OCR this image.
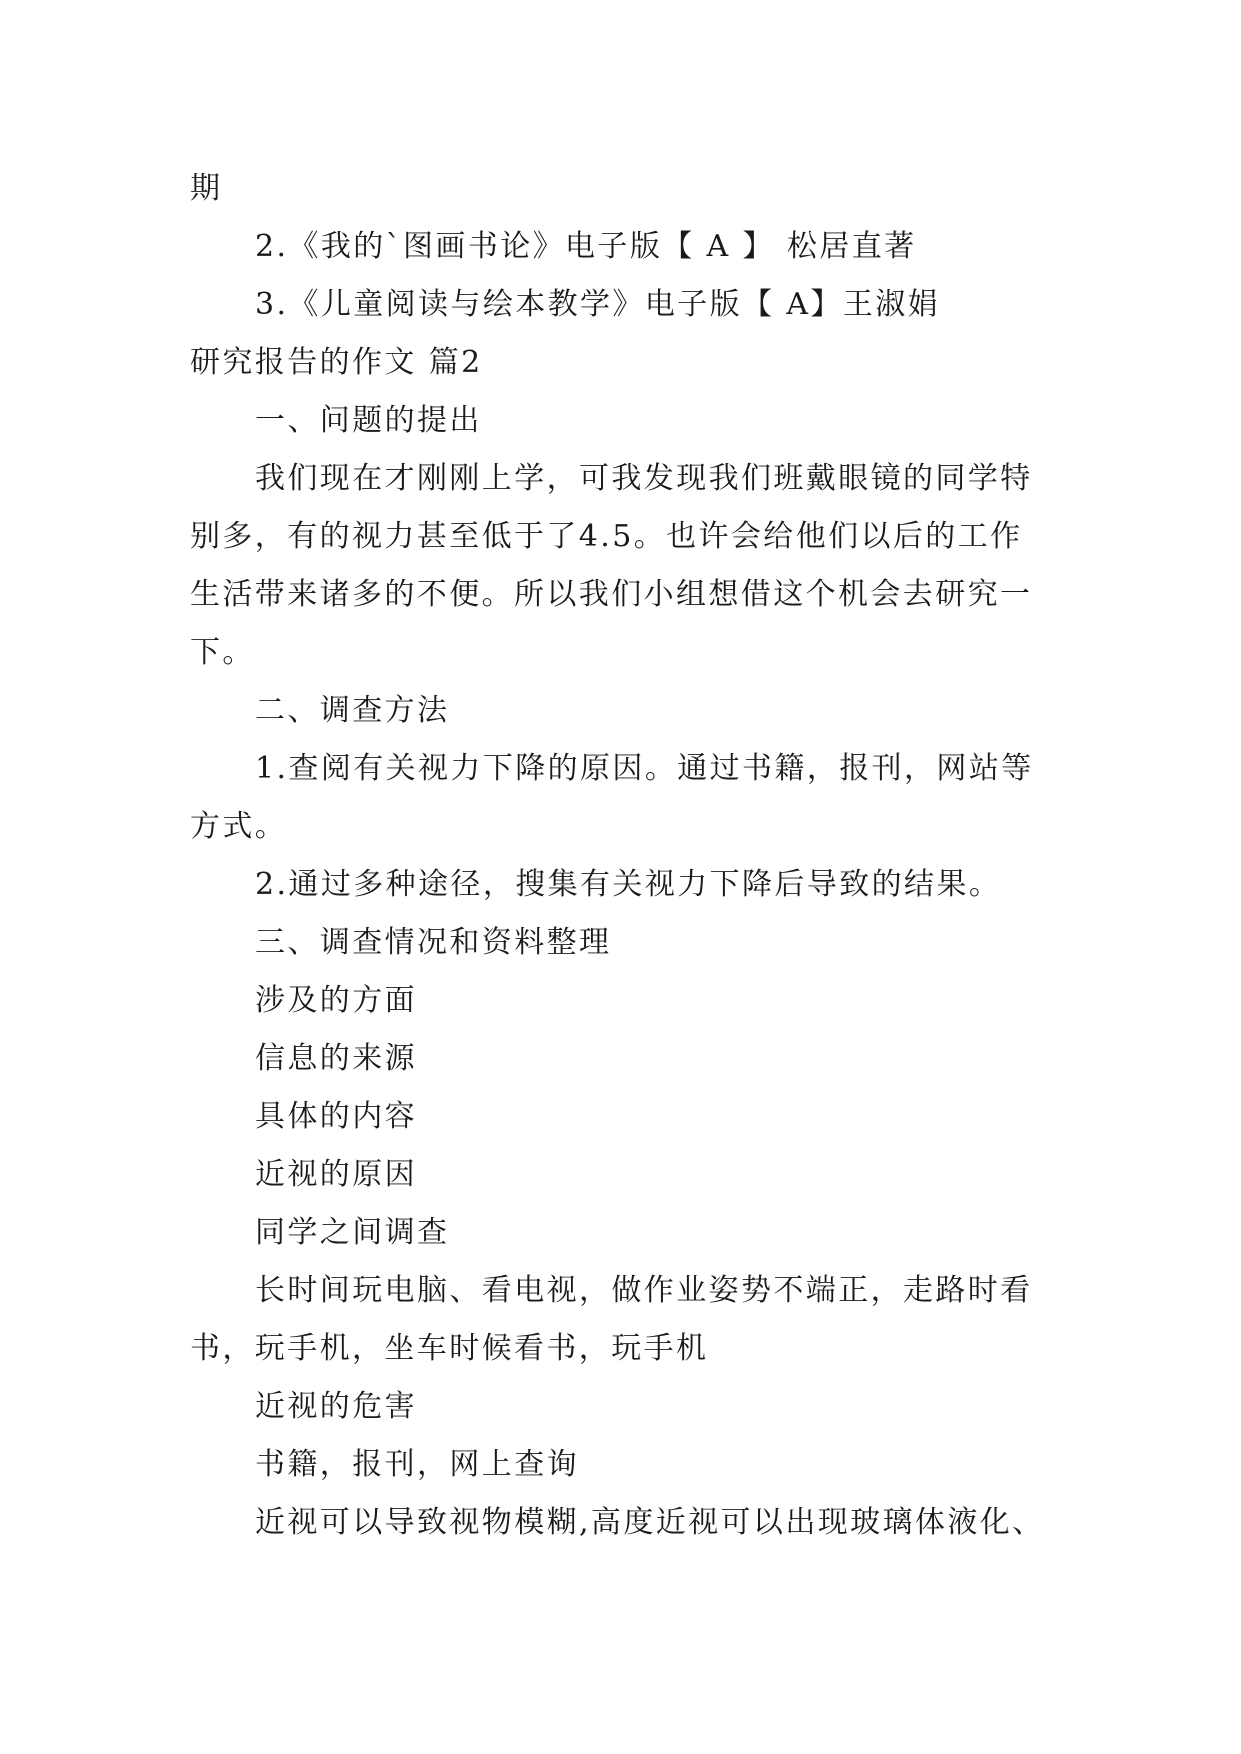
期

2.《我的`图画书论》电子版【 A 】 松居直著

3.《儿童阅读与绘本教学》电子版【 A】王淑娟

研究报告的作文 篇2

一、问题的提出

我们现在才刚刚上学，可我发现我们班戴眼镜的同学特

别多，有的视力甚至低于了4.5。也许会给他们以后的工作

生活带来诸多的不便。所以我们小组想借这个机会去研究一

下。

二、调查方法

1.查阅有关视力下降的原因。通过书籍，报刊，网站等

方式。

2.通过多种途径，搜集有关视力下降后导致的结果。

三、调查情况和资料整理

涉及的方面

信息的来源

具体的内容

近视的原因

同学之间调查

长时间玩电脑、看电视，做作业姿势不端正，走路时看

书，玩手机，坐车时候看书，玩手机

近视的危害

书籍，报刊，网上查询

近视可以导致视物模糊,高度近视可以出现玻璃体液化、
